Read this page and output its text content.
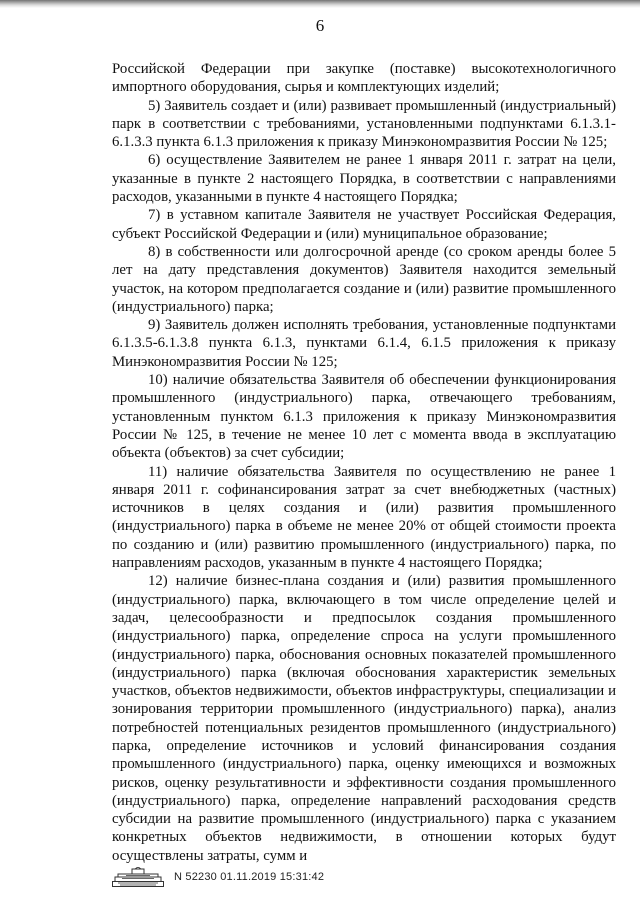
6

Российской Федерации при закупке (поставке) высокотехнологичного импортного оборудования, сырья и комплектующих изделий;

5) Заявитель создает и (или) развивает промышленный (индустриальный) парк в соответствии с требованиями, установленными подпунктами 6.1.3.1-6.1.3.3 пункта 6.1.3 приложения к приказу Минэкономразвития России № 125;

6) осуществление Заявителем не ранее 1 января 2011 г. затрат на цели, указанные в пункте 2 настоящего Порядка, в соответствии с направлениями расходов, указанными в пункте 4 настоящего Порядка;

7) в уставном капитале Заявителя не участвует Российская Федерация, субъект Российской Федерации и (или) муниципальное образование;

8) в собственности или долгосрочной аренде (со сроком аренды более 5 лет на дату представления документов) Заявителя находится земельный участок, на котором предполагается создание и (или) развитие промышленного (индустриального) парка;

9) Заявитель должен исполнять требования, установленные подпунктами 6.1.3.5-6.1.3.8 пункта 6.1.3, пунктами 6.1.4, 6.1.5 приложения к приказу Минэкономразвития России № 125;

10) наличие обязательства Заявителя об обеспечении функционирования промышленного (индустриального) парка, отвечающего требованиям, установленным пунктом 6.1.3 приложения к приказу Минэкономразвития России № 125, в течение не менее 10 лет с момента ввода в эксплуатацию объекта (объектов) за счет субсидии;

11) наличие обязательства Заявителя по осуществлению не ранее 1 января 2011 г. софинансирования затрат за счет внебюджетных (частных) источников в целях создания и (или) развития промышленного (индустриального) парка в объеме не менее 20% от общей стоимости проекта по созданию и (или) развитию промышленного (индустриального) парка, по направлениям расходов, указанным в пункте 4 настоящего Порядка;

12) наличие бизнес-плана создания и (или) развития промышленного (индустриального) парка, включающего в том числе определение целей и задач, целесообразности и предпосылок создания промышленного (индустриального) парка, определение спроса на услуги промышленного (индустриального) парка, обоснования основных показателей промышленного (индустриального) парка (включая обоснования характеристик земельных участков, объектов недвижимости, объектов инфраструктуры, специализации и зонирования территории промышленного (индустриального) парка), анализ потребностей потенциальных резидентов промышленного (индустриального) парка, определение источников и условий финансирования создания промышленного (индустриального) парка, оценку имеющихся и возможных рисков, оценку результативности и эффективности создания промышленного (индустриального) парка, определение направлений расходования средств субсидии на развитие промышленного (индустриального) парка с указанием конкретных объектов недвижимости, в отношении которых будут осуществлены затраты, сумм и

N 52230 01.11.2019 15:31:42
